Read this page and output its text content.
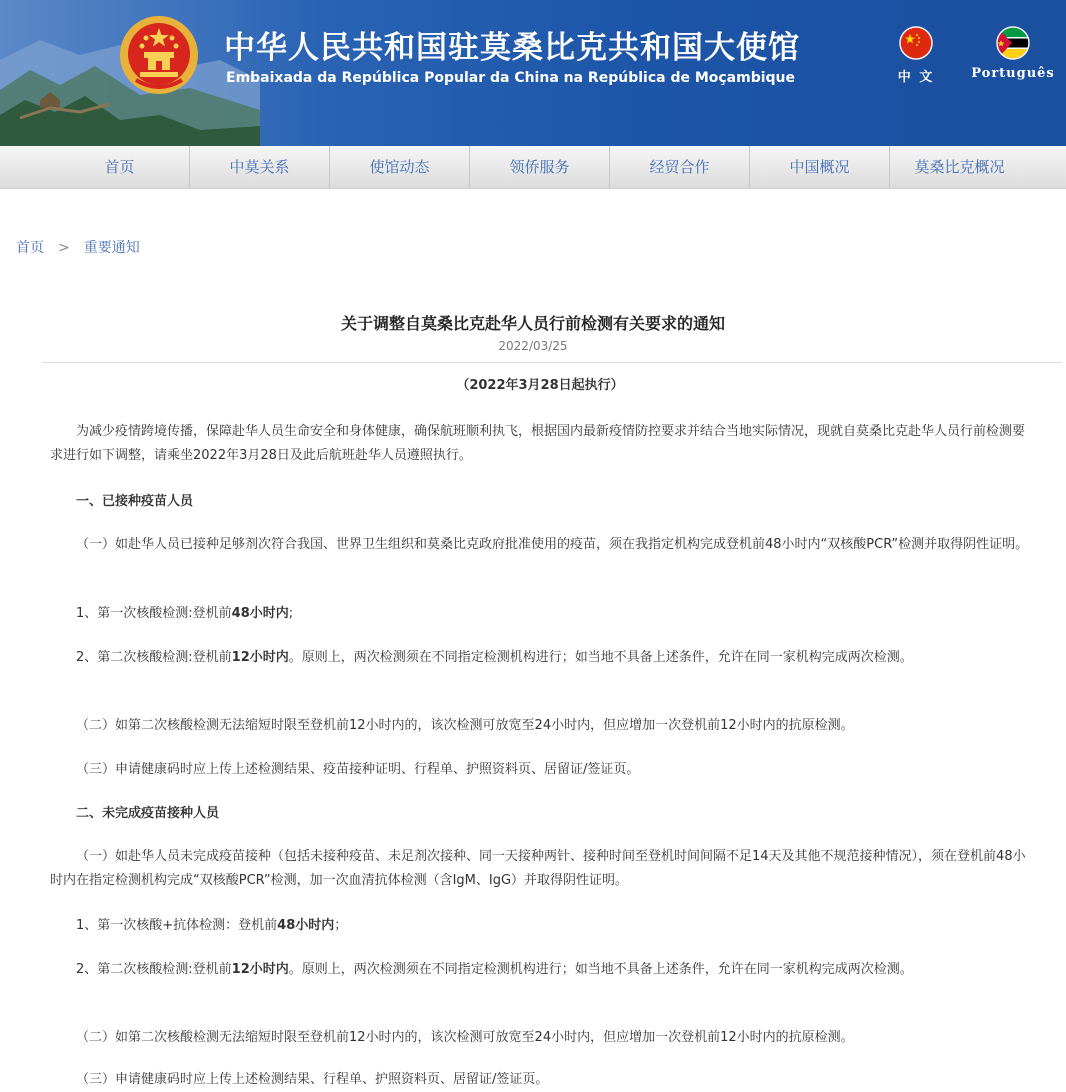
中华人民共和国驻莫桑比克共和国大使馆
Embaixada da República Popular da China na República de Moçambique	中 文	Português
首页	中莫关系	使馆动态	领侨服务	经贸合作	中国概况	莫桑比克概况
首页 > 重要通知
关于调整自莫桑比克赴华人员行前检测有关要求的通知
2022/03/25

（2022年3月28日起执行）

为减少疫情跨境传播，保障赴华人员生命安全和身体健康，确保航班顺利执飞，根据国内最新疫情防控要求并结合当地实际情况，现就自莫桑比克赴华人员行前检测要求进行如下调整，请乘坐2022年3月28日及此后航班赴华人员遵照执行。

一、已接种疫苗人员

（一）如赴华人员已接种足够剂次符合我国、世界卫生组织和莫桑比克政府批准使用的疫苗，须在我指定机构完成登机前48小时内“双核酸PCR”检测并取得阴性证明。

1、第一次核酸检测:登机前48小时内;

2、第二次核酸检测:登机前12小时内。原则上，两次检测须在不同指定检测机构进行；如当地不具备上述条件，允许在同一家机构完成两次检测。

（二）如第二次核酸检测无法缩短时限至登机前12小时内的，该次检测可放宽至24小时内，但应增加一次登机前12小时内的抗原检测。

（三）申请健康码时应上传上述检测结果、疫苗接种证明、行程单、护照资料页、居留证/签证页。

二、未完成疫苗接种人员

（一）如赴华人员未完成疫苗接种（包括未接种疫苗、未足剂次接种、同一天接种两针、接种时间至登机时间间隔不足14天及其他不规范接种情况），须在登机前48小时内在指定检测机构完成“双核酸PCR”检测，加一次血清抗体检测（含IgM、IgG）并取得阴性证明。

1、第一次核酸+抗体检测：登机前48小时内；

2、第二次核酸检测:登机前12小时内。原则上，两次检测须在不同指定检测机构进行；如当地不具备上述条件，允许在同一家机构完成两次检测。

（二）如第二次核酸检测无法缩短时限至登机前12小时内的，该次检测可放宽至24小时内，但应增加一次登机前12小时内的抗原检测。

（三）申请健康码时应上传上述检测结果、行程单、护照资料页、居留证/签证页。
